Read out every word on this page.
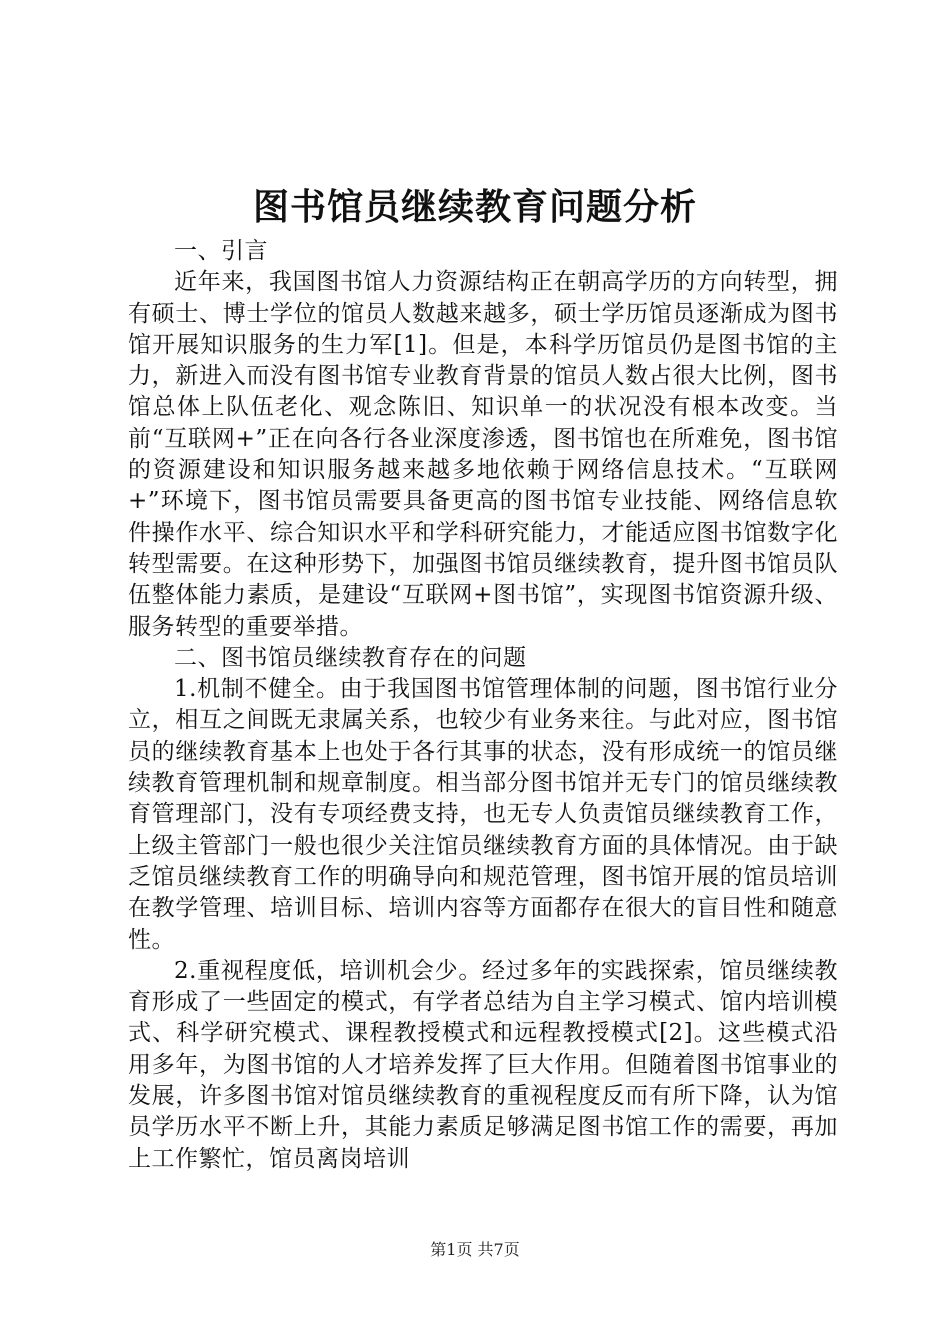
图书馆员继续教育问题分析

一、引言

近年来，我国图书馆人力资源结构正在朝高学历的方向转型，拥有硕士、博士学位的馆员人数越来越多，硕士学历馆员逐渐成为图书馆开展知识服务的生力军[1]。但是，本科学历馆员仍是图书馆的主力，新进入而没有图书馆专业教育背景的馆员人数占很大比例，图书馆总体上队伍老化、观念陈旧、知识单一的状况没有根本改变。当前“互联网+”正在向各行各业深度渗透，图书馆也在所难免，图书馆的资源建设和知识服务越来越多地依赖于网络信息技术。“互联网+”环境下，图书馆员需要具备更高的图书馆专业技能、网络信息软件操作水平、综合知识水平和学科研究能力，才能适应图书馆数字化转型需要。在这种形势下，加强图书馆员继续教育，提升图书馆员队伍整体能力素质，是建设“互联网+图书馆”，实现图书馆资源升级、服务转型的重要举措。

二、图书馆员继续教育存在的问题

1.机制不健全。由于我国图书馆管理体制的问题，图书馆行业分立，相互之间既无隶属关系，也较少有业务来往。与此对应，图书馆员的继续教育基本上也处于各行其事的状态，没有形成统一的馆员继续教育管理机制和规章制度。相当部分图书馆并无专门的馆员继续教育管理部门，没有专项经费支持，也无专人负责馆员继续教育工作，上级主管部门一般也很少关注馆员继续教育方面的具体情况。由于缺乏馆员继续教育工作的明确导向和规范管理，图书馆开展的馆员培训在教学管理、培训目标、培训内容等方面都存在很大的盲目性和随意性。

2.重视程度低，培训机会少。经过多年的实践探索，馆员继续教育形成了一些固定的模式，有学者总结为自主学习模式、馆内培训模式、科学研究模式、课程教授模式和远程教授模式[2]。这些模式沿用多年，为图书馆的人才培养发挥了巨大作用。但随着图书馆事业的发展，许多图书馆对馆员继续教育的重视程度反而有所下降，认为馆员学历水平不断上升，其能力素质足够满足图书馆工作的需要，再加上工作繁忙，馆员离岗培训

第1页 共7页
